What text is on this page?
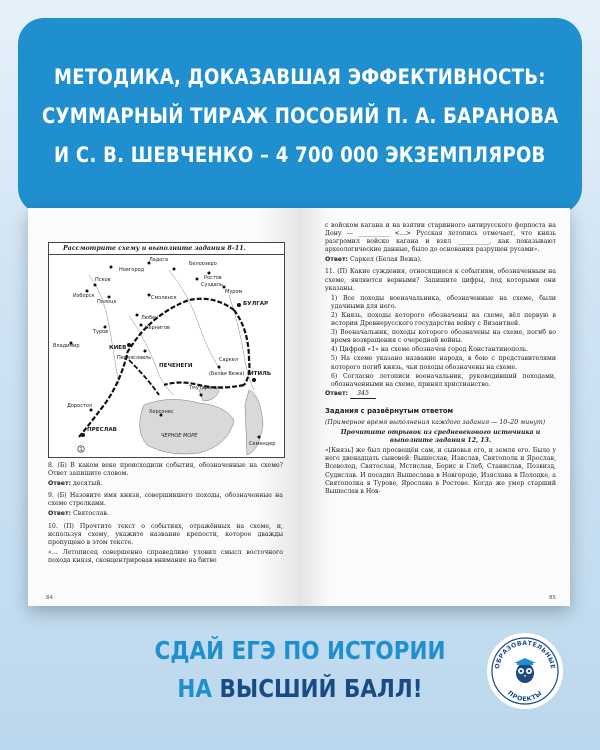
МЕТОДИКА, ДОКАЗАВШАЯ ЭФФЕКТИВНОСТЬ:
СУММАРНЫЙ ТИРАЖ ПОСОБИЙ П. А. БАРАНОВА
И С. В. ШЕВЧЕНКО – 4 700 000 ЭКЗЕМПЛЯРОВ
Рассмотрите схему и выполните задания 8–11.
1
Ладога
Белоозеро
Новгород
Ростов
Суздаль
Муром
Псков
Изборск
Полоцк
Смоленск
Любеч
Чернигов
Туров
Владимир	КИЕВ
Переяславль
ПЕЧЕНЕГИ
БУЛГАР
ИТИЛЬ
Саркел
(Белая Вежа)
Тмутаракань
ПРЕСЛАВ
Херсонес
Доростол
ЧЕРНОЕ МОРЕ
Семендер

8. (Б) В каком веке происходили события, обозначенные на схеме? Ответ запишите словом.

Ответ: десятый.

9. (Б) Назовите имя князя, совершившего походы, обозначенные на схеме стрелками.

Ответ: Святослав.

10. (П) Прочтите текст о событиях, отражённых на схеме, и, используя схему, укажите название крепости, которое дважды пропущено в этом тексте.

«... Летописец совершенно справедливо уловил смысл восточного похода князя, сконцентрировав внимание на битве

84

с войском кагана и на взятии старинного антирусского форпоста на Дону — __________ <...> Русская летопись отмечает, что князь разгромил войско кагана и взял __________, как показывают археологические данные, было до основания разрушен русами».

Ответ: Саркел (Белая Вежа).

11. (П) Какие суждения, относящиеся к событиям, обозначенным на схеме, являются верными? Запишите цифры, под которыми они указаны.

1) Все походы военачальника, обозначенные на схеме, были удачными для него.

2) Князь, походы которого обозначены на схеме, вёл первую в истории Древнерусского государства войну с Византией.

3) Военачальник, походы которого обозначены на схеме, погиб во время возвращения с очередной войны.

4) Цифрой «1» на схеме обозначен город Константинополь.

5) На схеме указано название народа, в бою с представителями которого погиб князь, чьи походы обозначены на схеме.

6) Согласно летописи военачальник, руководивший походами, обозначенными на схеме, принял христианство.

Ответ: 345

Задания с развёрнутым ответом

(Примерное время выполнения каждого задания — 10–20 минут)

Прочитите отрывок из средневекового источника и выполните задания 12, 13.

«[Князь] же был просвещён сам, и сыновья его, и земля его. Было у него двенадцать сыновей: Вышеслав, Изяслав, Святополк и Ярослав, Всеволод, Святослав, Мстислав, Борис и Глеб, Станислав, Позвизд, Судислав. И посадил Вышеслава в Новгороде, Изяслава в Полоцке, а Святополка в Турове, Ярослава в Ростове. Когда же умер старший Вышеслав в Нов-

85
СДАЙ ЕГЭ ПО ИСТОРИИ
НА ВЫСШИЙ БАЛЛ!
ОБРАЗОВАТЕЛЬНЫЕ
ПРОЕКТЫ
